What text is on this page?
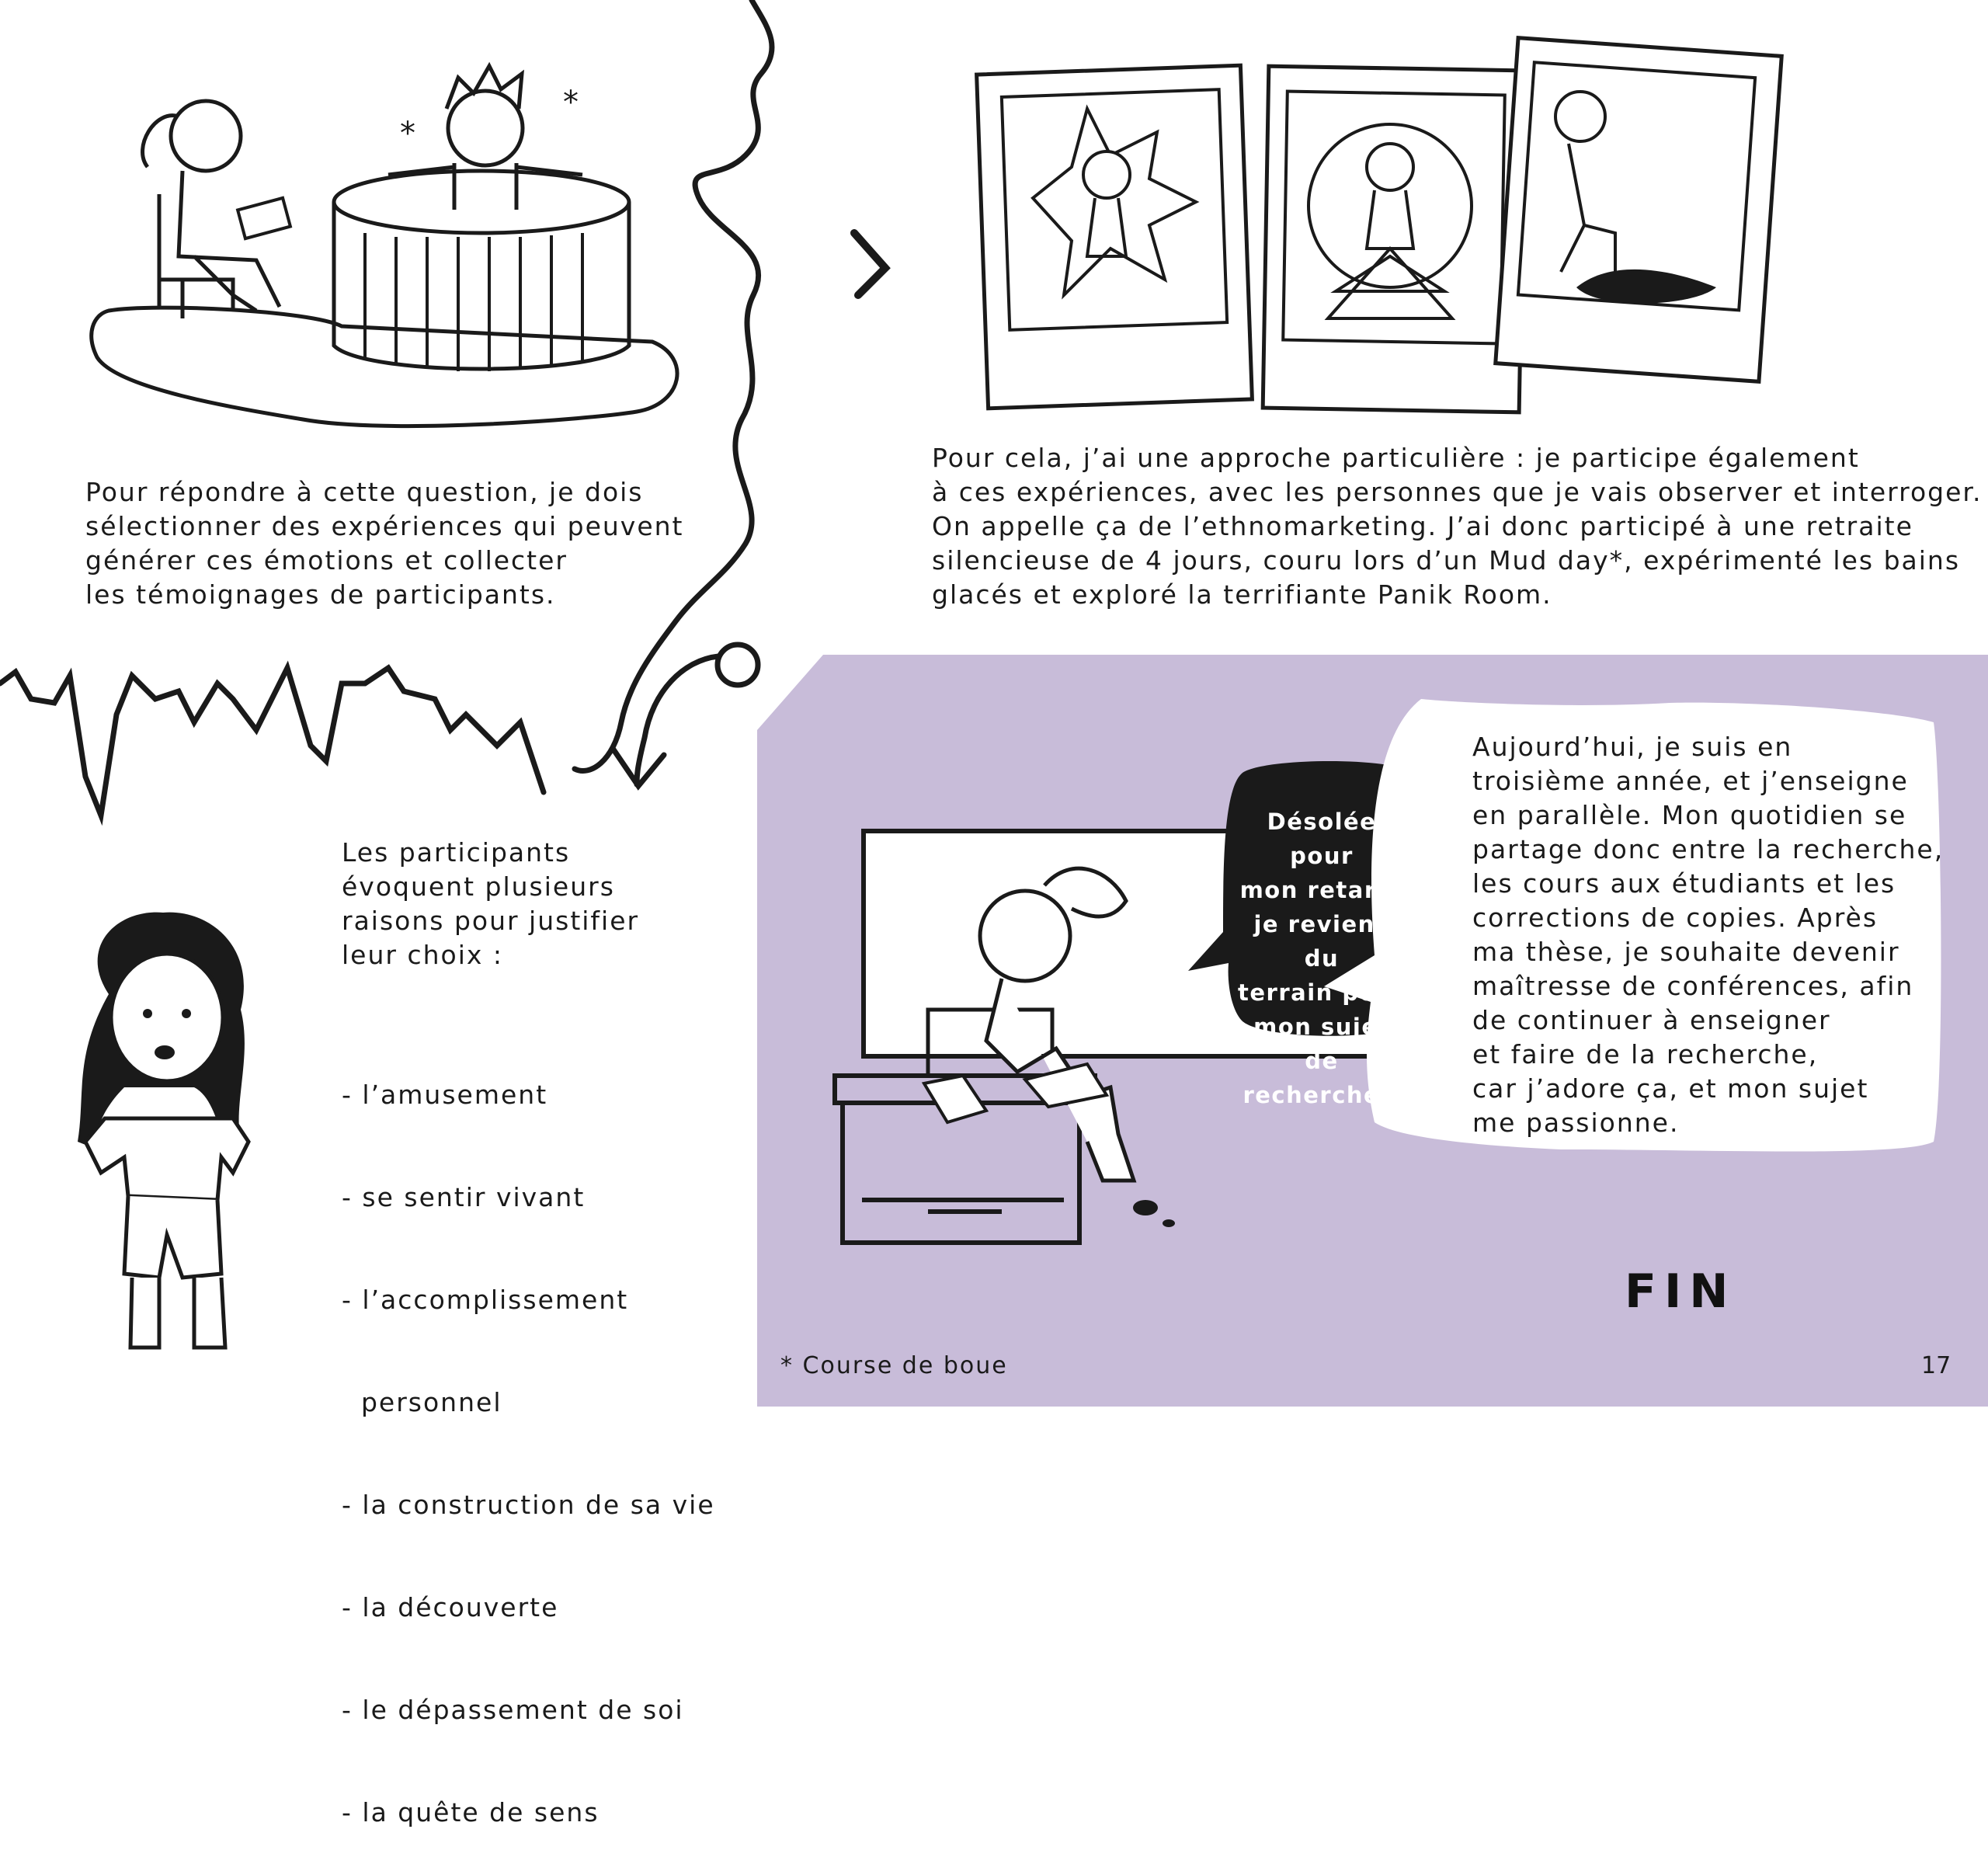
*
*

Pour répondre à cette question, je dois
sélectionner des expériences qui peuvent
générer ces émotions et collecter
les témoignages de participants.

Pour cela, j’ai une approche particulière : je participe également
à ces expériences, avec les personnes que je vais observer et interroger.
On appelle ça de l’ethnomarketing. J’ai donc participé à une retraite
silencieuse de 4 jours, couru lors d’un Mud day*, expérimenté les bains
glacés et exploré la terrifiante Panik Room.

Les participants
évoquent plusieurs
raisons pour justifier
leur choix :

- l’amusement

- se sentir vivant

- l’accomplissement

personnel

- la construction de sa vie

- la découverte

- le dépassement de soi

- la quête de sens

Désolée pour
mon retard,
je reviens du
terrain pour
mon sujet de
recherche !

Aujourd’hui, je suis en
troisième année, et j’enseigne
en parallèle. Mon quotidien se
partage donc entre la recherche,
les cours aux étudiants et les
corrections de copies. Après
ma thèse, je souhaite devenir
maîtresse de conférences, afin
de continuer à enseigner
et faire de la recherche,
car j’adore ça, et mon sujet
me passionne.

FIN
* Course de boue	17
